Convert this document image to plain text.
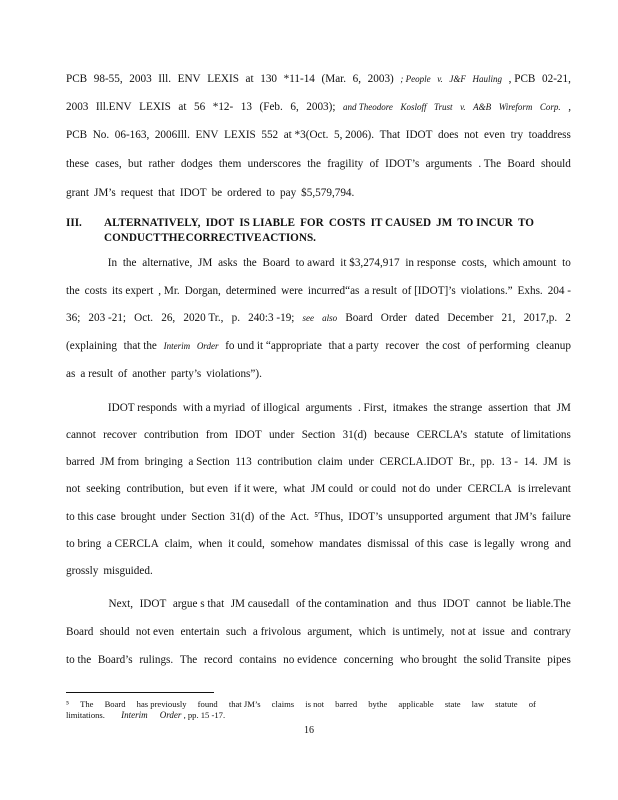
PCB 98-55, 2003 Ill. ENV LEXIS at 130 *11-14 (Mar. 6, 2003) ; People v. J&F Hauling , PCB 02-21,
2003 Ill.ENV LEXIS at 56 *12- 13 (Feb. 6, 2003); and Theodore Kosloff Trust v. A&B Wireform Corp. ,
PCB No. 06-163, 2006Ill. ENV LEXIS 552 at *3(Oct. 5, 2006). That IDOT does not even try toaddress
these cases, but rather dodges them underscores the fragility of IDOT’s arguments . The Board should
grant JM’s request that IDOT be ordered to pay $5,579,794.
In the alternative, JM asks the Board to award it $3,274,917 in response costs, which amount to
the costs its expert , Mr. Dorgan, determined were incurred“as a result of [IDOT]’s violations.” Exhs. 204 -
36; 203 -21; Oct. 26, 2020 Tr., p. 240:3 -19; see also Board Order dated December 21, 2017,p. 2
(explaining that the Interim Order fo und it “appropriate that a party recover the cost of performing cleanup
as a result of another party’s violations”).
IDOT responds with a myriad of illogical arguments . First, itmakes the strange assertion that JM
cannot recover contribution from IDOT under Section 31(d) because CERCLA’s statute of limitations
barred JM from bringing a Section 113 contribution claim under CERCLA.IDOT Br., pp. 13 - 14. JM is
not seeking contribution, but even if it were, what JM could or could not do under CERCLA is irrelevant
to this case brought under Section 31(d) of the Act. ⁵Thus, IDOT’s unsupported argument that JM’s failure
to bring a CERCLA claim, when it could, somehow mandates dismissal of this case is legally wrong and
grossly misguided.
Next, IDOT argue s that JM causedall of the contamination and thus IDOT cannot be liable.The
Board should not even entertain such a frivolous argument, which is untimely, not at issue and contrary
to the Board’s rulings. The record contains no evidence concerning who brought the solid Transite pipes
III. ALTERNATIVELY, IDOT IS LIABLE FOR COSTS IT CAUSED JM TO INCUR TO
CONDUCT THE CORRECTIVE ACTIONS.
⁵ The Board has previously found that JM’s claims is not barred bythe applicable state law statute of
limitations. Interim Order , pp. 15 -17.
16
